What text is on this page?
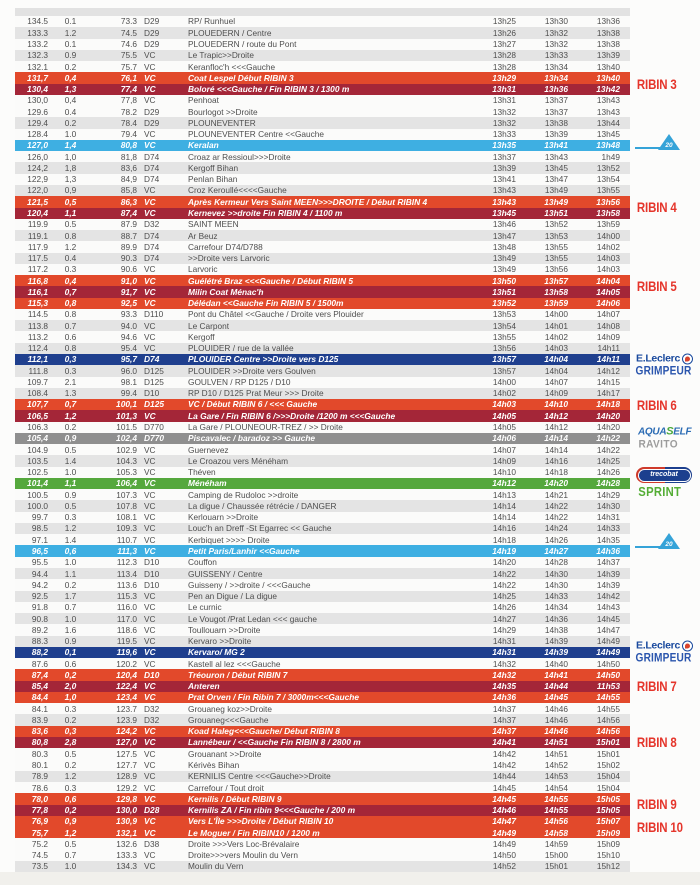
134.5	0.1	73.3 D29	RP/ Runhuel	13h25	13h30	13h36
133.3	1.2	74.5 D29	PLOUEDERN / Centre	13h26	13h32	13h38
133.2	0.1	74.6 D29	PLOUEDERN / route du Pont	13h27	13h32	13h38
132.3	0.9	75.5 VC	Le Trapic>>Droite	13h28	13h33	13h39
132.1	0.2	75.7 VC	Keranfloc'h <<<Gauche	13h28	13h34	13h40
131,7	0,4	76,1 VC	Coat Lespel Début RIBIN 3	13h29	13h34	13h40
130,4	1,3	77,4 VC	Boloré <<<Gauche / Fin RIBIN 3 / 1300 m	13h31	13h36	13h42
130,0	0,4	77,8 VC	Penhoat	13h31	13h37	13h43
129.6	0.4	78.2 D29	Bourlogot >>Droite	13h32	13h37	13h43
129.4	0.2	78.4 D29	PLOUNEVENTER	13h32	13h38	13h44
128.4	1.0	79.4 VC	PLOUNEVENTER Centre <<Gauche	13h33	13h39	13h45
127,0	1,4	80,8 VC	Keralan	13h35	13h41	13h48
126,0	1,0	81,8 D74	Croaz ar Ressioul>>>Droite	13h37	13h43	1h49
124,2	1,8	83,6 D74	Kergoff Bihan	13h39	13h45	13h52
122,9	1,3	84,9 D74	Penlan Bihan	13h41	13h47	13h54
122,0	0,9	85,8 VC	Croz Keroullé<<<<Gauche	13h43	13h49	13h55
121,5	0,5	86,3 VC	Après Kermeur Vers Saint MEEN>>>DROITE / Début RIBIN 4	13h43	13h49	13h56
120,4	1,1	87,4 VC	Kernevez >>droite Fin RIBIN 4 / 1100 m	13h45	13h51	13h58
119.9	0.5	87.9 D32	SAINT MEEN	13h46	13h52	13h59
119.1	0.8	88.7 D74	Ar Beuz	13h47	13h53	14h00
117.9	1.2	89.9 D74	Carrefour D74/D788	13h48	13h55	14h02
117.5	0.4	90.3 D74	>>Droite vers Larvoric	13h49	13h55	14h03
117.2	0.3	90.6 VC	Larvoric	13h49	13h56	14h03
116,8	0,4	91,0 VC	Guélétré Braz <<<Gauche / Début RIBIN 5	13h50	13h57	14h04
116,1	0,7	91,7 VC	Milin Coat Ménac'h	13h51	13h58	14h05
115,3	0,8	92,5 VC	Délédan <<Gauche Fin RIBIN 5 / 1500m	13h52	13h59	14h06
114.5	0.8	93.3 D110	Pont du Châtel <<Gauche / Droite vers Plouider	13h53	14h00	14h07
113.8	0.7	94.0 VC	Le Carpont	13h54	14h01	14h08
113.2	0.6	94.6 VC	Kergoff	13h55	14h02	14h09
112.4	0.8	95.4 VC	PLOUIDER / rue de la vallée	13h56	14h03	14h11
112,1	0,3	95,7 D74	PLOUIDER Centre >>Droite vers D125	13h57	14h04	14h11
111.8	0.3	96.0 D125	PLOUIDER >>Droite vers Goulven	13h57	14h04	14h12
109.7	2.1	98.1 D125	GOULVEN / RP D125 / D10	14h00	14h07	14h15
108.4	1.3	99.4 D10	RP D10 / D125 Prat Meur >>> Droite	14h02	14h09	14h17
107,7	0,7	100,1 D125	VC / Début RIBIN 6 / <<< Gauche	14h03	14h10	14h18
106,5	1,2	101,3 VC	La Gare / Fin RIBIN 6 />>>Droite /1200 m <<<Gauche	14h05	14h12	14h20
106.3	0.2	101.5 D770	La Gare / PLOUNEOUR-TREZ / >> Droite	14h05	14h12	14h20
105,4	0,9	102,4 D770	Piscavalec / baradoz >> Gauche	14h06	14h14	14h22
104.9	0.5	102.9 VC	Guernevez	14h07	14h14	14h22
103.5	1.4	104.3 VC	Le Croazou vers Ménéham	14h09	14h16	14h25
102.5	1.0	105.3 VC	Théven	14h10	14h18	14h26
101,4	1,1	106,4 VC	Ménéham	14h12	14h20	14h28
100.5	0.9	107.3 VC	Camping de Rudoloc >>droite	14h13	14h21	14h29
100.0	0.5	107.8 VC	La digue / Chaussée rétrécie / DANGER	14h14	14h22	14h30
99.7	0.3	108.1 VC	Kerlouarn >>Droite	14h14	14h22	14h31
98.5	1.2	109.3 VC	Louc'h an Dreff -St Egarrec << Gauche	14h16	14h24	14h33
97.1	1.4	110.7 VC	Kerbiquet >>>> Droite	14h18	14h26	14h35
96,5	0,6	111,3 VC	Petit Paris/Lanhir <<Gauche	14h19	14h27	14h36
95.5	1.0	112.3 D10	Couffon	14h20	14h28	14h37
94.4	1.1	113.4 D10	GUISSENY / Centre	14h22	14h30	14h39
94.2	0.2	113.6 D10	Guisseny / >>droite / <<<Gauche	14h22	14h30	14h39
92.5	1.7	115.3 VC	Pen an Digue / La digue	14h25	14h33	14h42
91.8	0.7	116.0 VC	Le curnic	14h26	14h34	14h43
90.8	1.0	117.0 VC	Le Vougot /Prat Ledan <<< gauche	14h27	14h36	14h45
89.2	1.6	118.6 VC	Toullouarn >>Droite	14h29	14h38	14h47
88.3	0.9	119.5 VC	Kervaro >>Droite	14h31	14h39	14h49
88,2	0,1	119,6 VC	Kervaro/ MG 2	14h31	14h39	14h49
87.6	0.6	120.2 VC	Kastell al lez <<<Gauche	14h32	14h40	14h50
87,4	0,2	120,4 D10	Tréouron / Début RIBIN 7	14h32	14h41	14h50
85,4	2,0	122,4 VC	Anteren	14h35	14h44	11h53
84,4	1,0	123,4 VC	Prat Orven / Fin Ribin 7 / 3000m<<<Gauche	14h36	14h45	14h55
84.1	0.3	123.7 D32	Grouaneg koz>>Droite	14h37	14h46	14h55
83.9	0.2	123.9 D32	Grouaneg<<<Gauche	14h37	14h46	14h56
83,6	0,3	124,2 VC	Koad Haleg<<<Gauche/ Début RIBIN 8	14h37	14h46	14h56
80,8	2,8	127,0 VC	Lannébeur / <<Gauche Fin RIBIN 8 / 2800 m	14h41	14h51	15h01
80.3	0.5	127.5 VC	Grouanant >>Droite	14h42	14h51	15h01
80.1	0.2	127.7 VC	Kérivès Bihan	14h42	14h52	15h02
78.9	1.2	128.9 VC	KERNILIS Centre <<<Gauche>>Droite	14h44	14h53	15h04
78.6	0.3	129.2 VC	Carrefour / Tout droit	14h45	14h54	15h04
78,0	0,6	129,8 VC	Kernilis / Début RIBIN 9	14h45	14h55	15h05
77,8	0,2	130,0 D28	Kernilis ZA / Fin ribin 9<<<Gauche / 200 m	14h46	14h55	15h05
76,9	0,9	130,9 VC	Vers L'Île >>>Droite / Début RIBIN 10	14h47	14h56	15h07
75,7	1,2	132,1 VC	Le Moguer / Fin RIBIN10 / 1200 m	14h49	14h58	15h09
75.2	0.5	132.6 D38	Droite >>>Vers Loc-Brévalaire	14h49	14h59	15h09
74.5	0.7	133.3 VC	Droite>>>vers Moulin du Vern	14h50	15h00	15h10
73.5	1.0	134.3 VC	Moulin du Vern	14h52	15h01	15h12
RIBIN 3
20
RIBIN 4
RIBIN 5
E.Leclerc
GRIMPEUR
RIBIN 6
AQUASELF
RAVITO
trecobat
SPRINT
20
E.Leclerc
GRIMPEUR
RIBIN 7
RIBIN 8
RIBIN 9
RIBIN 10
